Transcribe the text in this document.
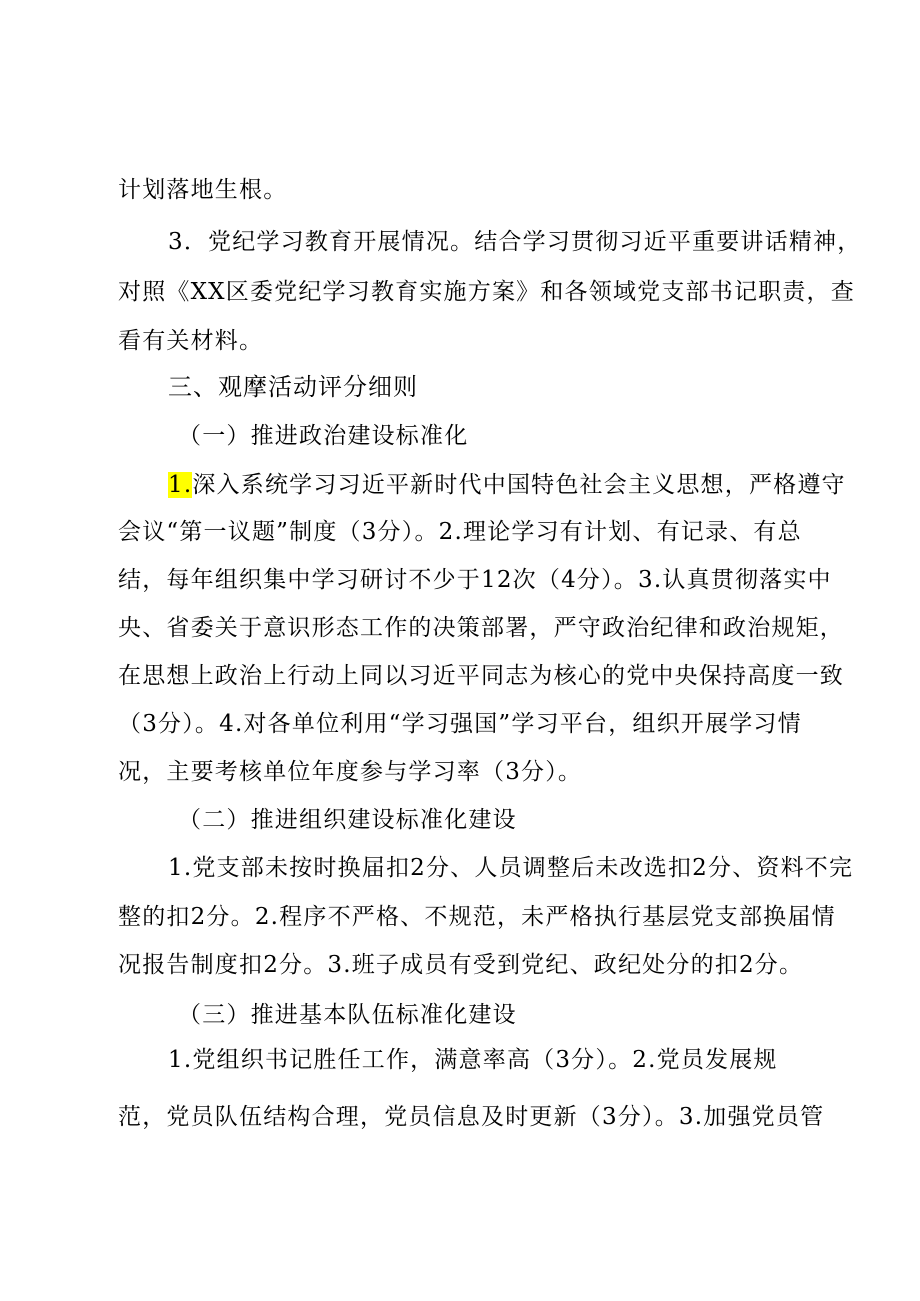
计划落地生根。
3．党纪学习教育开展情况。结合学习贯彻习近平重要讲话精神，
对照《XX区委党纪学习教育实施方案》和各领域党支部书记职责，查
看有关材料。
三、观摩活动评分细则
（一）推进政治建设标准化
1.深入系统学习习近平新时代中国特色社会主义思想，严格遵守
会议“第一议题”制度（3分）。2.理论学习有计划、有记录、有总
结，每年组织集中学习研讨不少于12次（4分）。3.认真贯彻落实中
央、省委关于意识形态工作的决策部署，严守政治纪律和政治规矩，
在思想上政治上行动上同以习近平同志为核心的党中央保持高度一致
（3分）。4.对各单位利用“学习强国”学习平台，组织开展学习情
况，主要考核单位年度参与学习率（3分）。
（二）推进组织建设标准化建设
1.党支部未按时换届扣2分、人员调整后未改选扣2分、资料不完
整的扣2分。2.程序不严格、不规范，未严格执行基层党支部换届情
况报告制度扣2分。3.班子成员有受到党纪、政纪处分的扣2分。
（三）推进基本队伍标准化建设
1.党组织书记胜任工作，满意率高（3分）。2.党员发展规
范，党员队伍结构合理，党员信息及时更新（3分）。3.加强党员管
